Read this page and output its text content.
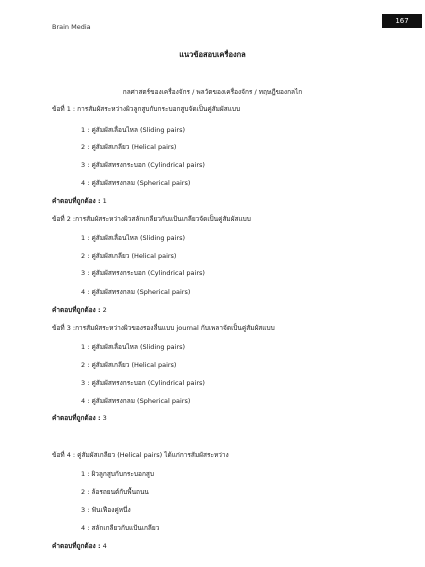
Brain Media
167
แนวข้อสอบเครื่องกล
กลศาสตร์ของเครื่องจักร / พลวัตของเครื่องจักร / ทฤษฎีของกลไก
ข้อที่ 1 : การสัมผัสระหว่างผิวลูกสูบกับกระบอกสูบจัดเป็นคู่สัมผัสแบบ
1 : คู่สัมผัสเลื่อนไหล (Sliding pairs)
2 : คู่สัมผัสเกลียว (Helical pairs)
3 : คู่สัมผัสทรงกระบอก (Cylindrical pairs)
4 : คู่สัมผัสทรงกลม (Spherical pairs)
คำตอบที่ถูกต้อง : 1
ข้อที่ 2 :การสัมผัสระหว่างผิวสลักเกลียวกับแป้นเกลียวจัดเป็นคู่สัมผัสแบบ
1 : คู่สัมผัสเลื่อนไหล (Sliding pairs)
2 : คู่สัมผัสเกลียว (Helical pairs)
3 : คู่สัมผัสทรงกระบอก (Cylindrical pairs)
4 : คู่สัมผัสทรงกลม (Spherical pairs)
คำตอบที่ถูกต้อง : 2
ข้อที่ 3 :การสัมผัสระหว่างผิวของรองลื่นแบบ journal กับเพลาจัดเป็นคู่สัมผัสแบบ
1 : คู่สัมผัสเลื่อนไหล (Sliding pairs)
2 : คู่สัมผัสเกลียว (Helical pairs)
3 : คู่สัมผัสทรงกระบอก (Cylindrical pairs)
4 : คู่สัมผัสทรงกลม (Spherical pairs)
คำตอบที่ถูกต้อง : 3
ข้อที่ 4 : คู่สัมผัสเกลียว (Helical pairs) ได้แก่การสัมผัสระหว่าง
1 : ผิวลูกสูบกับกระบอกสูบ
2 : ล้อรถยนต์กับพื้นถนน
3 : ฟันเฟืองคู่หนึ่ง
4 : สลักเกลียวกับแป้นเกลียว
คำตอบที่ถูกต้อง : 4
